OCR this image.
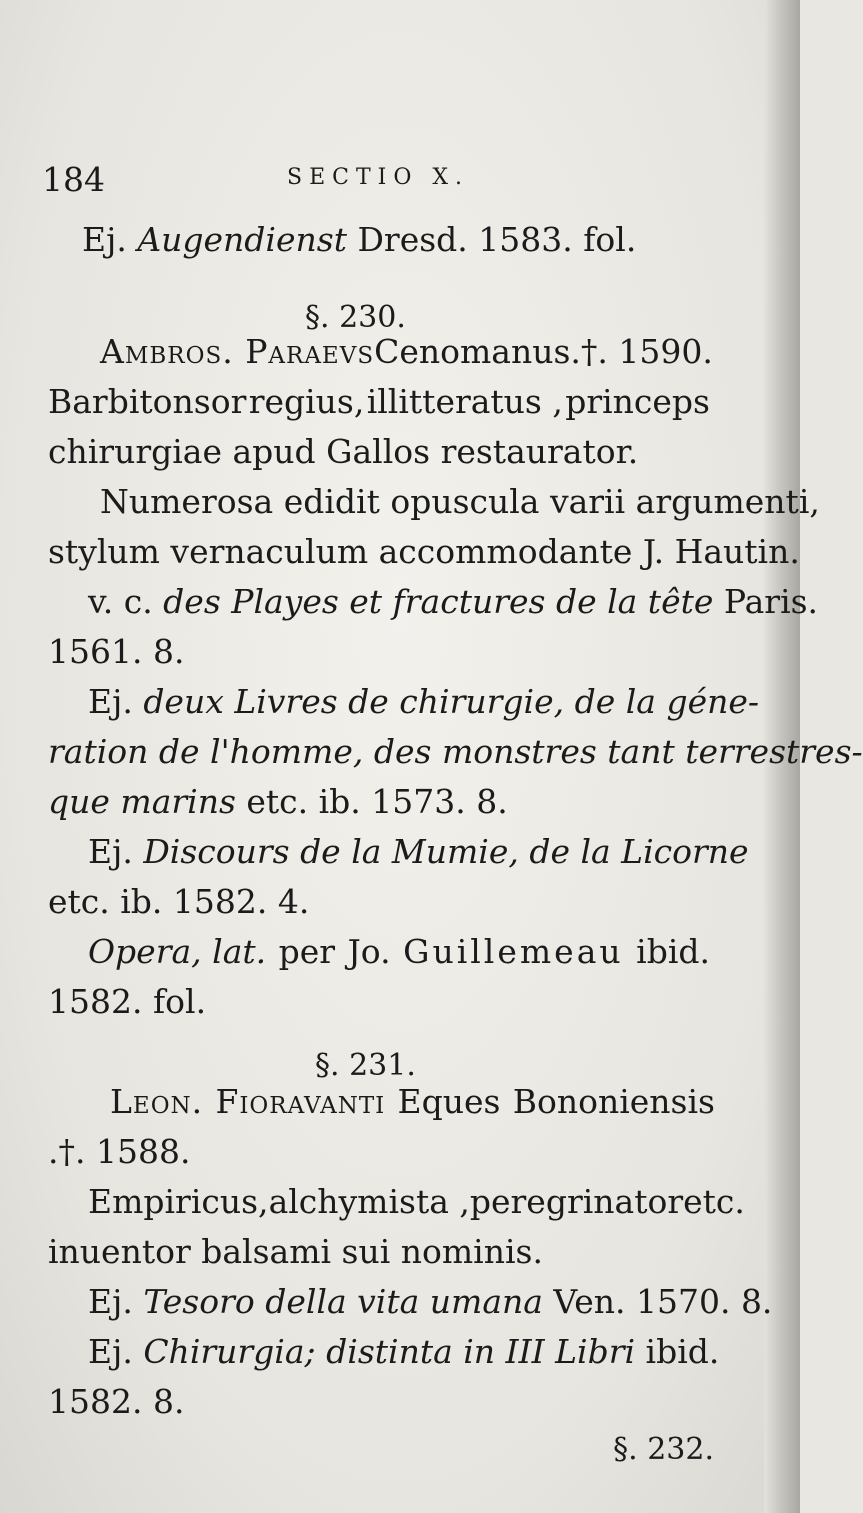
184	SECTIO X.
Ej. Augendienst Dresd. 1583. fol.
§. 230.
Ambros. Paraevs Cenomanus .†. 1590.
Barbitonsor regius, illitteratus , princeps
chirurgiae apud Gallos restaurator.
Numerosa edidit opuscula varii argumenti,
stylum vernaculum accommodante J. Hautin.
v. c. des Playes et fractures de la tête Paris.
1561. 8.
Ej. deux Livres de chirurgie, de la géne-
ration de l'homme, des monstres tant terrestres-
que marins etc. ib. 1573. 8.
Ej. Discours de la Mumie, de la Licorne
etc. ib. 1582. 4.
Opera, lat. per Jo. Guillemeau ibid.
1582. fol.
§. 231.
Leon. Fioravanti Eques Bononiensis
.†. 1588.
Empiricus, alchymista , peregrinator etc.
inuentor balsami sui nominis.
Ej. Tesoro della vita umana Ven. 1570. 8.
Ej. Chirurgia; distinta in III Libri ibid.
1582. 8.
§. 232.
